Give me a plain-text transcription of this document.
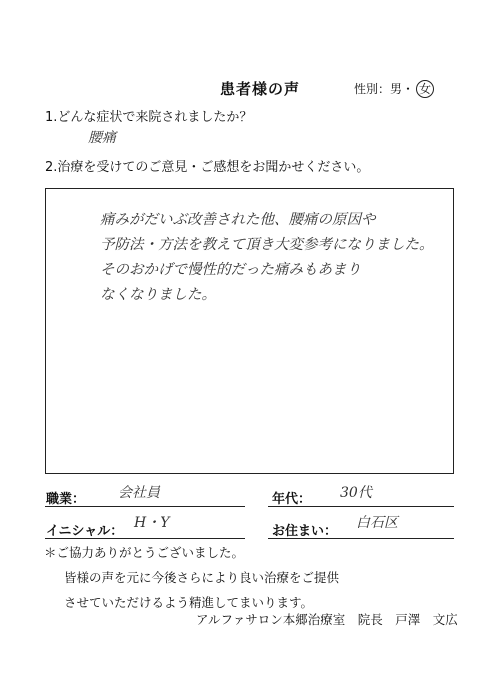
患者様の声	性別：男・ 女
1.どんな症状で来院されましたか？
腰痛
2.治療を受けてのご意見・ご感想をお聞かせください。
痛みがだいぶ改善された他、腰痛の原因や
予防法・方法を教えて頂き大変参考になりました。
そのおかげで慢性的だった痛みもあまり
なくなりました。
職業： 会社員	年代： 30代
イニシャル：
H・Y
お住まい：
白石区
＊ご協力ありがとうございました。
皆様の声を元に今後さらにより良い治療をご提供
させていただけるよう精進してまいります。
アルファサロン本郷治療室　院長　戸澤　文広
